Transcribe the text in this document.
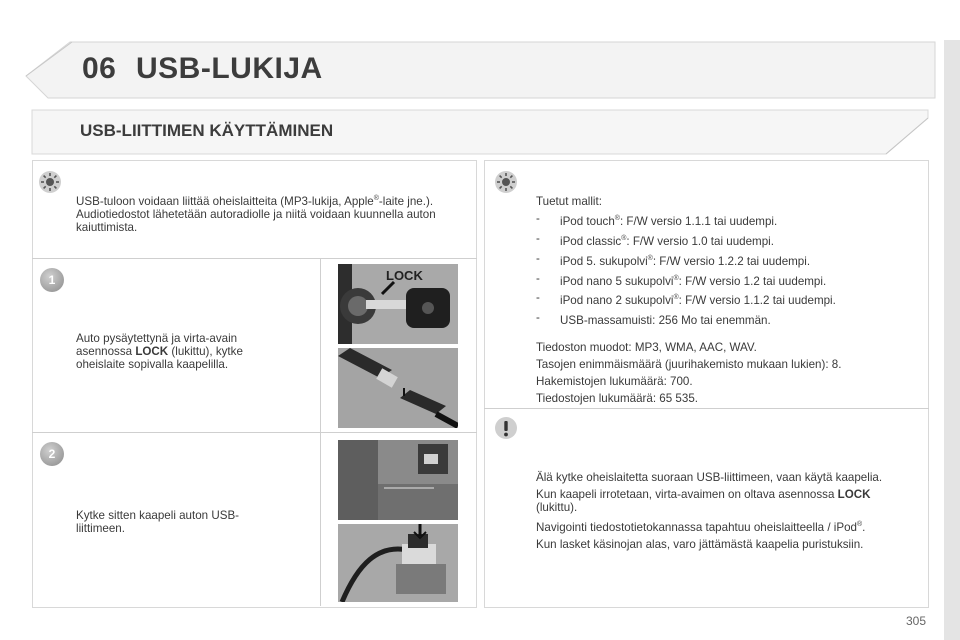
06 USB-LUKIJA
USB-LIITTIMEN KÄYTTÄMINEN
USB-tuloon voidaan liittää oheislaitteita (MP3-lukija, Apple®-laite jne.). Audiotiedostot lähetetään autoradiolle ja niitä voidaan kuunnella auton kaiuttimista.
1
Auto pysäytettynä ja virta-avain asennossa LOCK (lukittu), kytke oheislaite sopivalla kaapelilla.
LOCK
2
Kytke sitten kaapeli auton USB-liittimeen.
Tuetut mallit:
- iPod touch®: F/W versio 1.1.1 tai uudempi.
- iPod classic®: F/W versio 1.0 tai uudempi.
- iPod 5. sukupolvi®: F/W versio 1.2.2 tai uudempi.
- iPod nano 5 sukupolvi®: F/W versio 1.2 tai uudempi.
- iPod nano 2 sukupolvi®: F/W versio 1.1.2 tai uudempi.
- USB-massamuisti: 256 Mo tai enemmän.
Tiedoston muodot: MP3, WMA, AAC, WAV.
Tasojen enimmäismäärä (juurihakemisto mukaan lukien): 8.
Hakemistojen lukumäärä: 700.
Tiedostojen lukumäärä: 65 535.
Älä kytke oheislaitetta suoraan USB-liittimeen, vaan käytä kaapelia.
Kun kaapeli irrotetaan, virta-avaimen on oltava asennossa LOCK
(lukittu).
Navigointi tiedostotietokannassa tapahtuu oheislaitteella / iPod®.
Kun lasket käsinojan alas, varo jättämästä kaapelia puristuksiin.
305
